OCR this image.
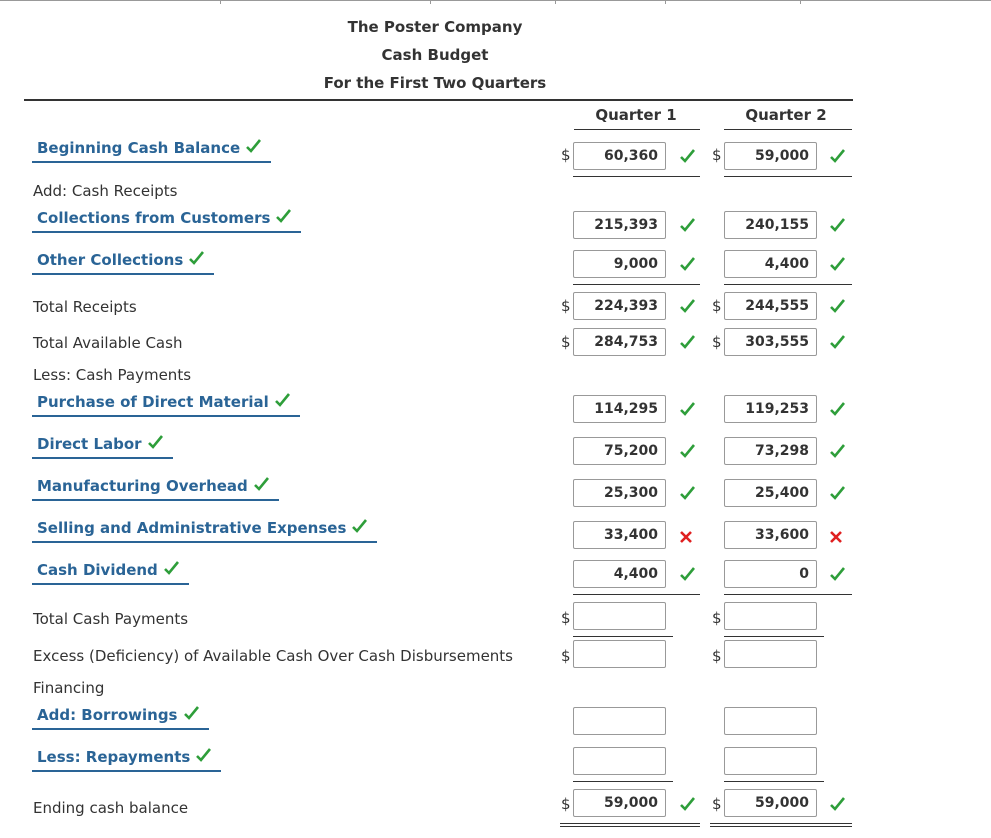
The Poster Company
Cash Budget
For the First Two Quarters
Quarter 1	Quarter 2
Beginning Cash Balance	$	60,360	$	59,000
Add: Cash Receipts
Collections from Customers	215,393	240,155
Other Collections	9,000	4,400
Total Receipts	$	224,393	$	244,555
Total Available Cash	$	284,753	$	303,555
Less: Cash Payments
Purchase of Direct Material	114,295	119,253
Direct Labor	75,200	73,298
Manufacturing Overhead	25,300	25,400
Selling and Administrative Expenses	33,400	33,600
Cash Dividend	4,400	0
Total Cash Payments	$	$
Excess (Deficiency) of Available Cash Over Cash Disbursements	$	$
Financing
Add: Borrowings
Less: Repayments
Ending cash balance	$	59,000	$	59,000
